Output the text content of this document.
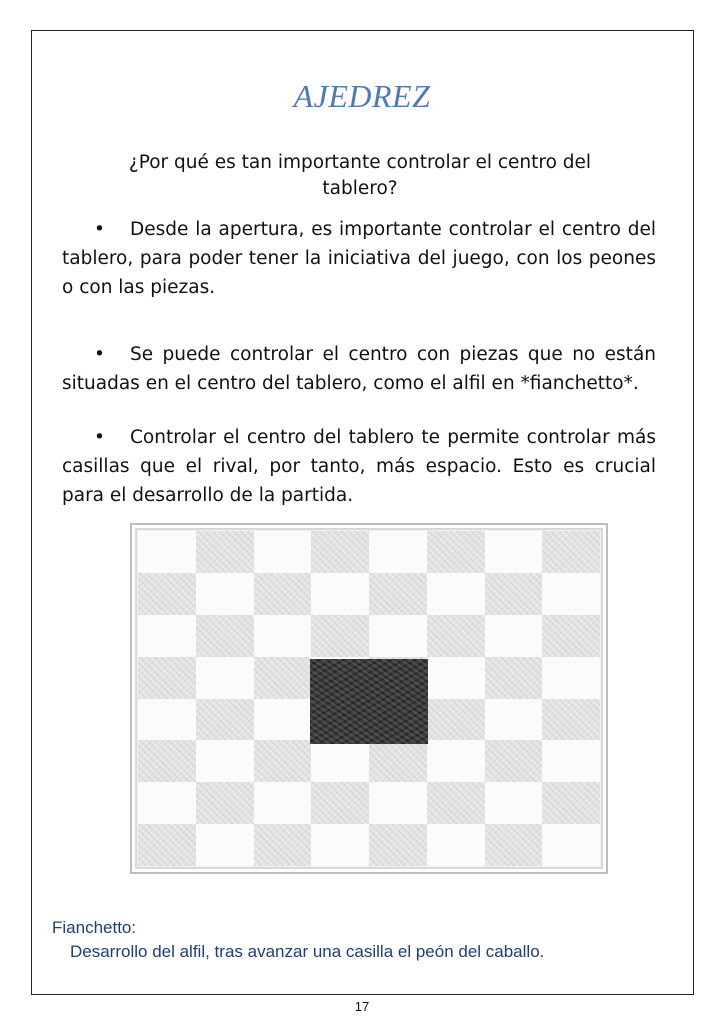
AJEDREZ
¿Por qué es tan importante controlar el centro del tablero?
• Desde la apertura, es importante controlar el centro del tablero, para poder tener la iniciativa del juego, con los peones o con las piezas.
• Se puede controlar el centro con piezas que no están situadas en el centro del tablero, como el alfil en *fianchetto*.
• Controlar el centro del tablero te permite controlar más casillas que el rival, por tanto, más espacio. Esto es crucial para el desarrollo de la partida.
Fianchetto:
Desarrollo del alfil, tras avanzar una casilla el peón del caballo.
17
